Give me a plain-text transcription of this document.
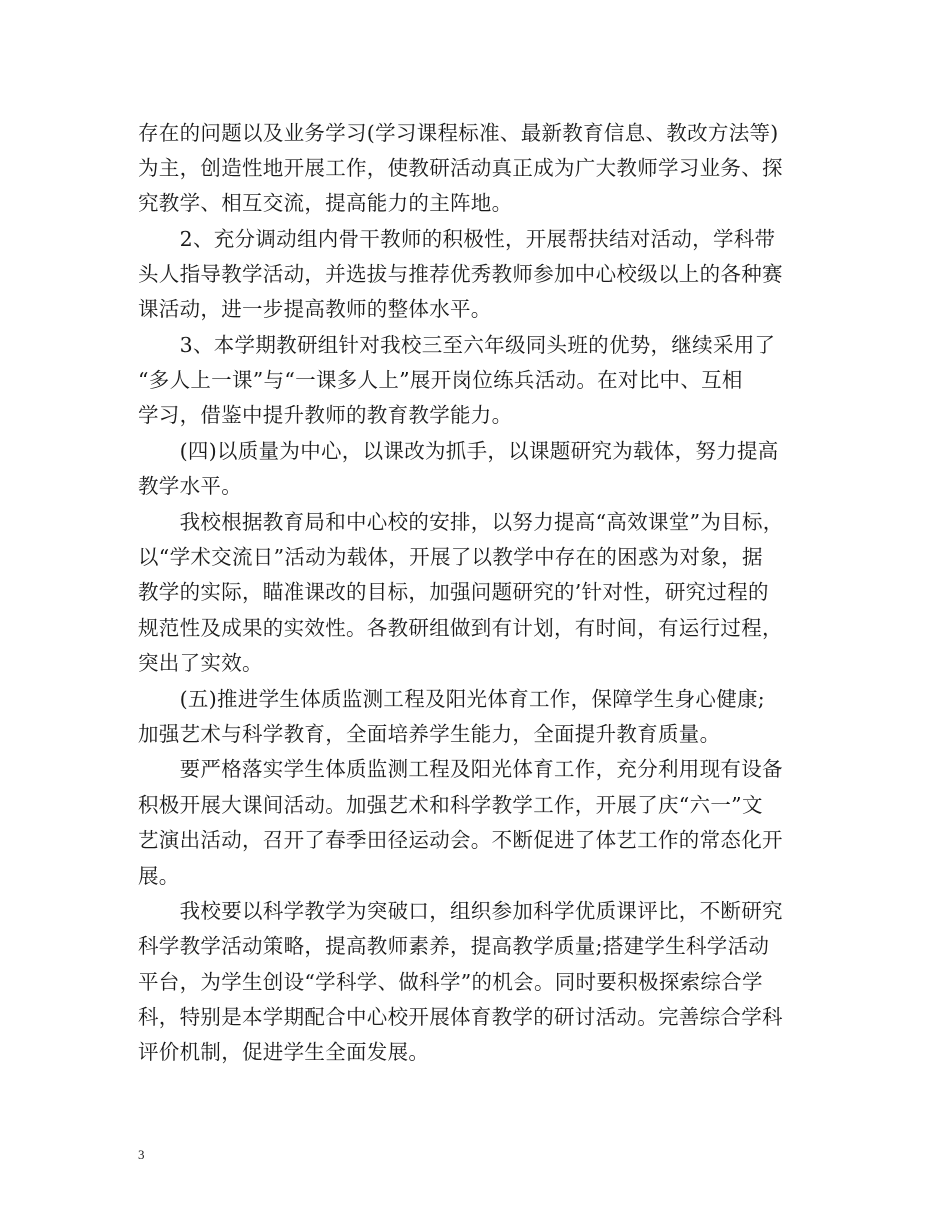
存在的问题以及业务学习(学习课程标准、最新教育信息、教改方法等)
为主，创造性地开展工作，使教研活动真正成为广大教师学习业务、探
究教学、相互交流，提高能力的主阵地。
　　2、充分调动组内骨干教师的积极性，开展帮扶结对活动，学科带
头人指导教学活动，并选拔与推荐优秀教师参加中心校级以上的各种赛
课活动，进一步提高教师的整体水平。
　　3、本学期教研组针对我校三至六年级同头班的优势，继续采用了
“多人上一课”与“一课多人上”展开岗位练兵活动。在对比中、互相
学习，借鉴中提升教师的教育教学能力。
　　(四)以质量为中心，以课改为抓手，以课题研究为载体，努力提高
教学水平。
　　我校根据教育局和中心校的安排，以努力提高“高效课堂”为目标，
以“学术交流日”活动为载体，开展了以教学中存在的困惑为对象，据
教学的实际，瞄准课改的目标，加强问题研究的’针对性，研究过程的
规范性及成果的实效性。各教研组做到有计划，有时间，有运行过程，
突出了实效。
　　(五)推进学生体质监测工程及阳光体育工作，保障学生身心健康;
加强艺术与科学教育，全面培养学生能力，全面提升教育质量。
　　要严格落实学生体质监测工程及阳光体育工作，充分利用现有设备
积极开展大课间活动。加强艺术和科学教学工作，开展了庆“六一”文
艺演出活动，召开了春季田径运动会。不断促进了体艺工作的常态化开
展。
　　我校要以科学教学为突破口，组织参加科学优质课评比，不断研究
科学教学活动策略，提高教师素养，提高教学质量;搭建学生科学活动
平台，为学生创设“学科学、做科学”的机会。同时要积极探索综合学
科，特别是本学期配合中心校开展体育教学的研讨活动。完善综合学科
评价机制，促进学生全面发展。
3
